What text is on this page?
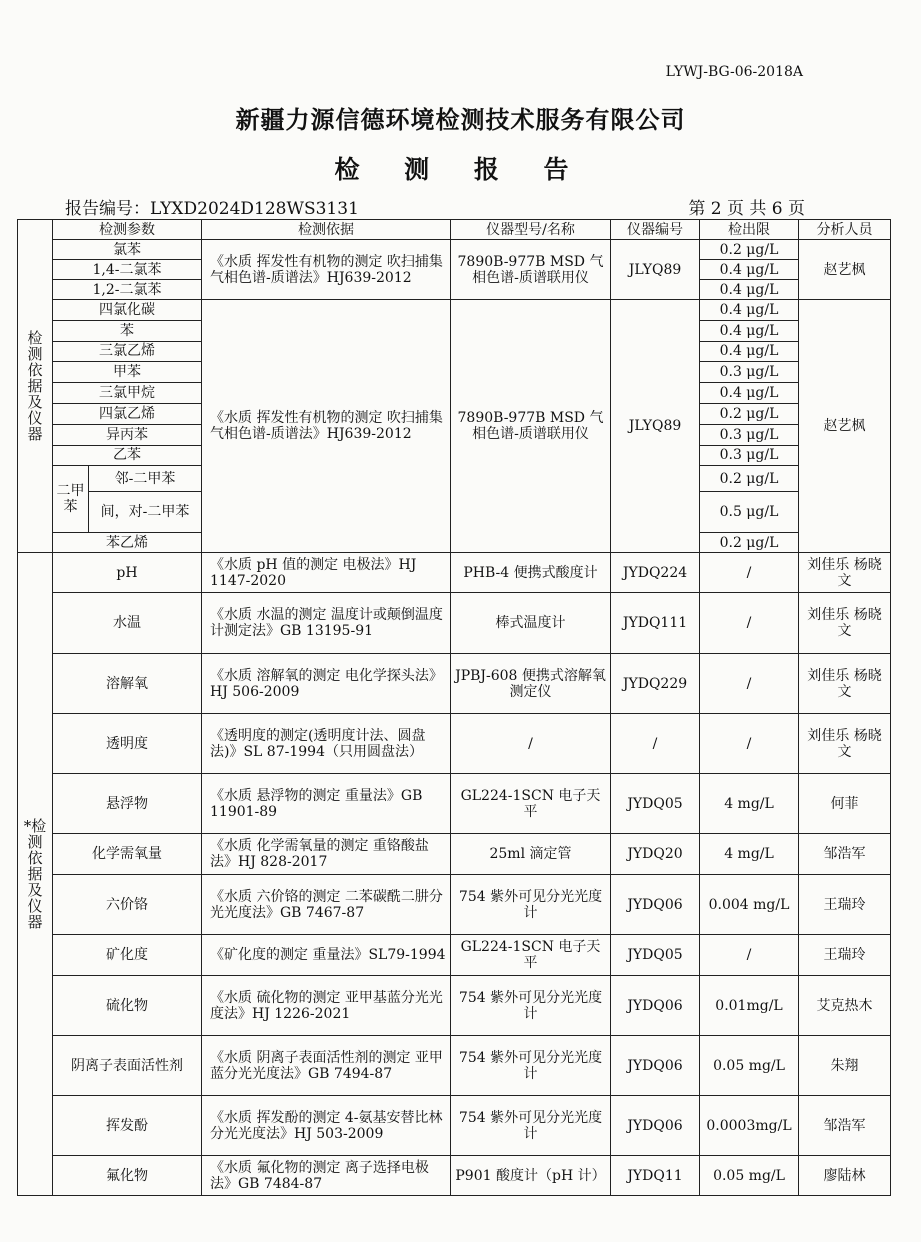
LYWJ-BG-06-2018A
新疆力源信德环境检测技术服务有限公司
检 测 报 告
报告编号：LYXD2024D128WS3131	第 2 页 共 6 页
检测依据及仪器	检测参数		检测依据	仪器型号/名称	仪器编号	检出限	分析人员
	氯苯		《水质 挥发性有机物的测定 吹扫捕集气相色谱-质谱法》HJ639-2012	7890B-977B MSD 气相色谱-质谱联用仪	JLYQ89	0.2 μg/L	赵艺枫
	1,4-二氯苯					0.4 μg/L	
	1,2-二氯苯					0.4 μg/L	
	四氯化碳		《水质 挥发性有机物的测定 吹扫捕集气相色谱-质谱法》HJ639-2012	7890B-977B MSD 气相色谱-质谱联用仪	JLYQ89	0.4 μg/L	赵艺枫
	苯					0.4 μg/L	
	三氯乙烯					0.4 μg/L	
	甲苯					0.3 μg/L	
	三氯甲烷					0.4 μg/L	
	四氯乙烯					0.2 μg/L	
	异丙苯					0.3 μg/L	
	乙苯					0.3 μg/L	
	二甲苯	邻-二甲苯				0.2 μg/L	
		间，对-二甲苯				0.5 μg/L	
	苯乙烯					0.2 μg/L	
*检测依据及仪器	pH		《水质 pH 值的测定 电极法》HJ 1147-2020	PHB-4 便携式酸度计	JYDQ224	/	刘佳乐 杨晓文
	水温		《水质 水温的测定 温度计或颠倒温度计测定法》GB 13195-91	棒式温度计	JYDQ111	/	刘佳乐 杨晓文
	溶解氧		《水质 溶解氧的测定 电化学探头法》HJ 506-2009	JPBJ-608 便携式溶解氧测定仪	JYDQ229	/	刘佳乐 杨晓文
	透明度		《透明度的测定(透明度计法、圆盘法)》SL 87-1994（只用圆盘法）	/	/	/	刘佳乐 杨晓文
	悬浮物		《水质 悬浮物的测定 重量法》GB 11901-89	GL224-1SCN 电子天平	JYDQ05	4 mg/L	何菲
	化学需氧量		《水质 化学需氧量的测定 重铬酸盐法》HJ 828-2017	25ml 滴定管	JYDQ20	4 mg/L	邹浩军
	六价铬		《水质 六价铬的测定 二苯碳酰二肼分光光度法》GB 7467-87	754 紫外可见分光光度计	JYDQ06	0.004 mg/L	王瑞玲
	矿化度		《矿化度的测定 重量法》SL79-1994	GL224-1SCN 电子天平	JYDQ05	/	王瑞玲
	硫化物		《水质 硫化物的测定 亚甲基蓝分光光度法》HJ 1226-2021	754 紫外可见分光光度计	JYDQ06	0.01mg/L	艾克热木
	阴离子表面活性剂		《水质 阴离子表面活性剂的测定 亚甲蓝分光光度法》GB 7494-87	754 紫外可见分光光度计	JYDQ06	0.05 mg/L	朱翔
	挥发酚		《水质 挥发酚的测定 4-氨基安替比林分光光度法》HJ 503-2009	754 紫外可见分光光度计	JYDQ06	0.0003mg/L	邹浩军
	氟化物		《水质 氟化物的测定 离子选择电极法》GB 7484-87	P901 酸度计（pH 计）	JYDQ11	0.05 mg/L	廖陆林
